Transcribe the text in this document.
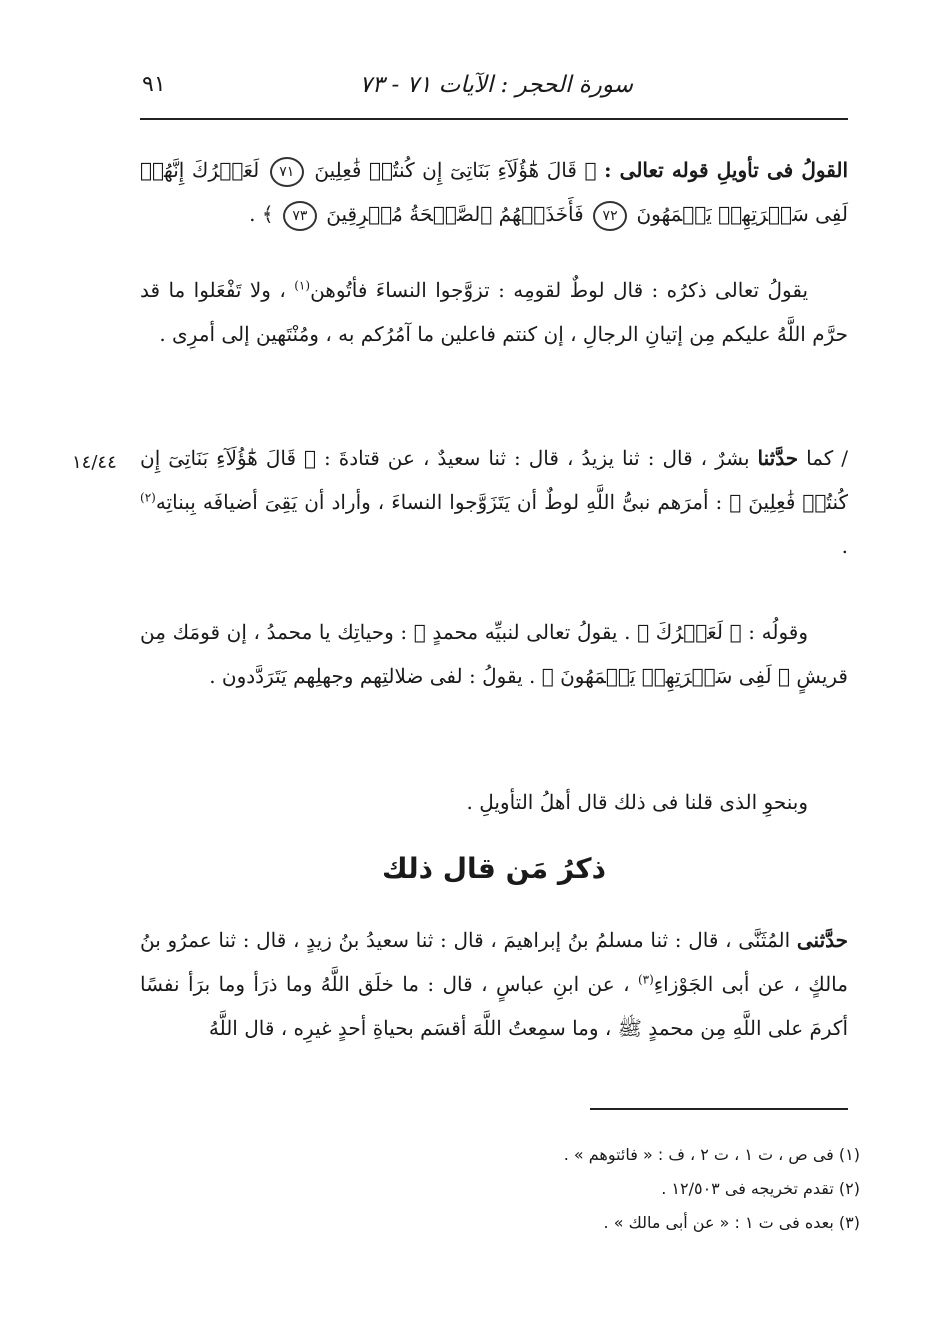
سورة الحجر : الآيات ٧١ - ٧٣
٩١

القولُ فى تأويلِ قوله تعالى : ﴿ قَالَ هَٰٓؤُلَآءِ بَنَاتِىٓ إِن كُنتُمۡ فَٰعِلِينَ ٧١ لَعَمۡرُكَ إِنَّهُمۡ لَفِى سَكۡرَتِهِمۡ يَعۡمَهُونَ ٧٢ فَأَخَذَتۡهُمُ ٱلصَّيۡحَةُ مُشۡرِقِينَ ٧٣ ﴾ .

يقولُ تعالى ذكرُه : قال لوطٌ لقومِه : تزوَّجوا النساءَ فأتُوهن$^{(١)}$ ، ولا تَفْعَلوا ما قد حرَّم اللَّهُ عليكم مِن إتيانِ الرجالِ ، إن كنتم فاعلين ما آمُرُكم به ، ومُنْتَهين إلى أمرِى .

١٤/٤٤	/ كما حدَّثنا بشرٌ ، قال : ثنا يزيدُ ، قال : ثنا سعيدٌ ، عن قتادةَ : ﴿ قَالَ هَٰٓؤُلَآءِ بَنَاتِىٓ إِن كُنتُمۡ فَٰعِلِينَ ﴾ : أمرَهم نبىُّ اللَّهِ لوطٌ أن يَتَزَوَّجوا النساءَ ، وأراد أن يَقِىَ أضيافَه بِبناتِه$^{(٢)}$ .

وقولُه : ﴿ لَعَمۡرُكَ ﴾ . يقولُ تعالى لنبيِّه محمدٍ ﷺ : وحياتِك يا محمدُ ، إن قومَك مِن قريشٍ ﴿ لَفِى سَكۡرَتِهِمۡ يَعۡمَهُونَ ﴾ . يقولُ : لفى ضلالتِهم وجهلِهم يَتَرَدَّدون .

وبنحوِ الذى قلنا فى ذلك قال أهلُ التأويلِ .

ذكرُ مَن قال ذلك

حدَّثنى المُثَنَّى ، قال : ثنا مسلمُ بنُ إبراهيمَ ، قال : ثنا سعيدُ بنُ زيدٍ ، قال : ثنا عمرُو بنُ مالكٍ ، عن أبى الجَوْزاءِ$^{(٣)}$ ، عن ابنِ عباسٍ ، قال : ما خلَق اللَّهُ وما ذرَأ وما برَأ نفسًا أكرمَ على اللَّهِ مِن محمدٍ ﷺ ، وما سمِعتُ اللَّهَ أقسَم بحياةِ أحدٍ غيرِه ، قال اللَّهُ

(١) فى ص ، ت ١ ، ت ٢ ، ف : « فائتوهم » .
(٢) تقدم تخريجه فى ١٢/٥٠٣ .
(٣) بعده فى ت ١ : « عن أبى مالك » .
